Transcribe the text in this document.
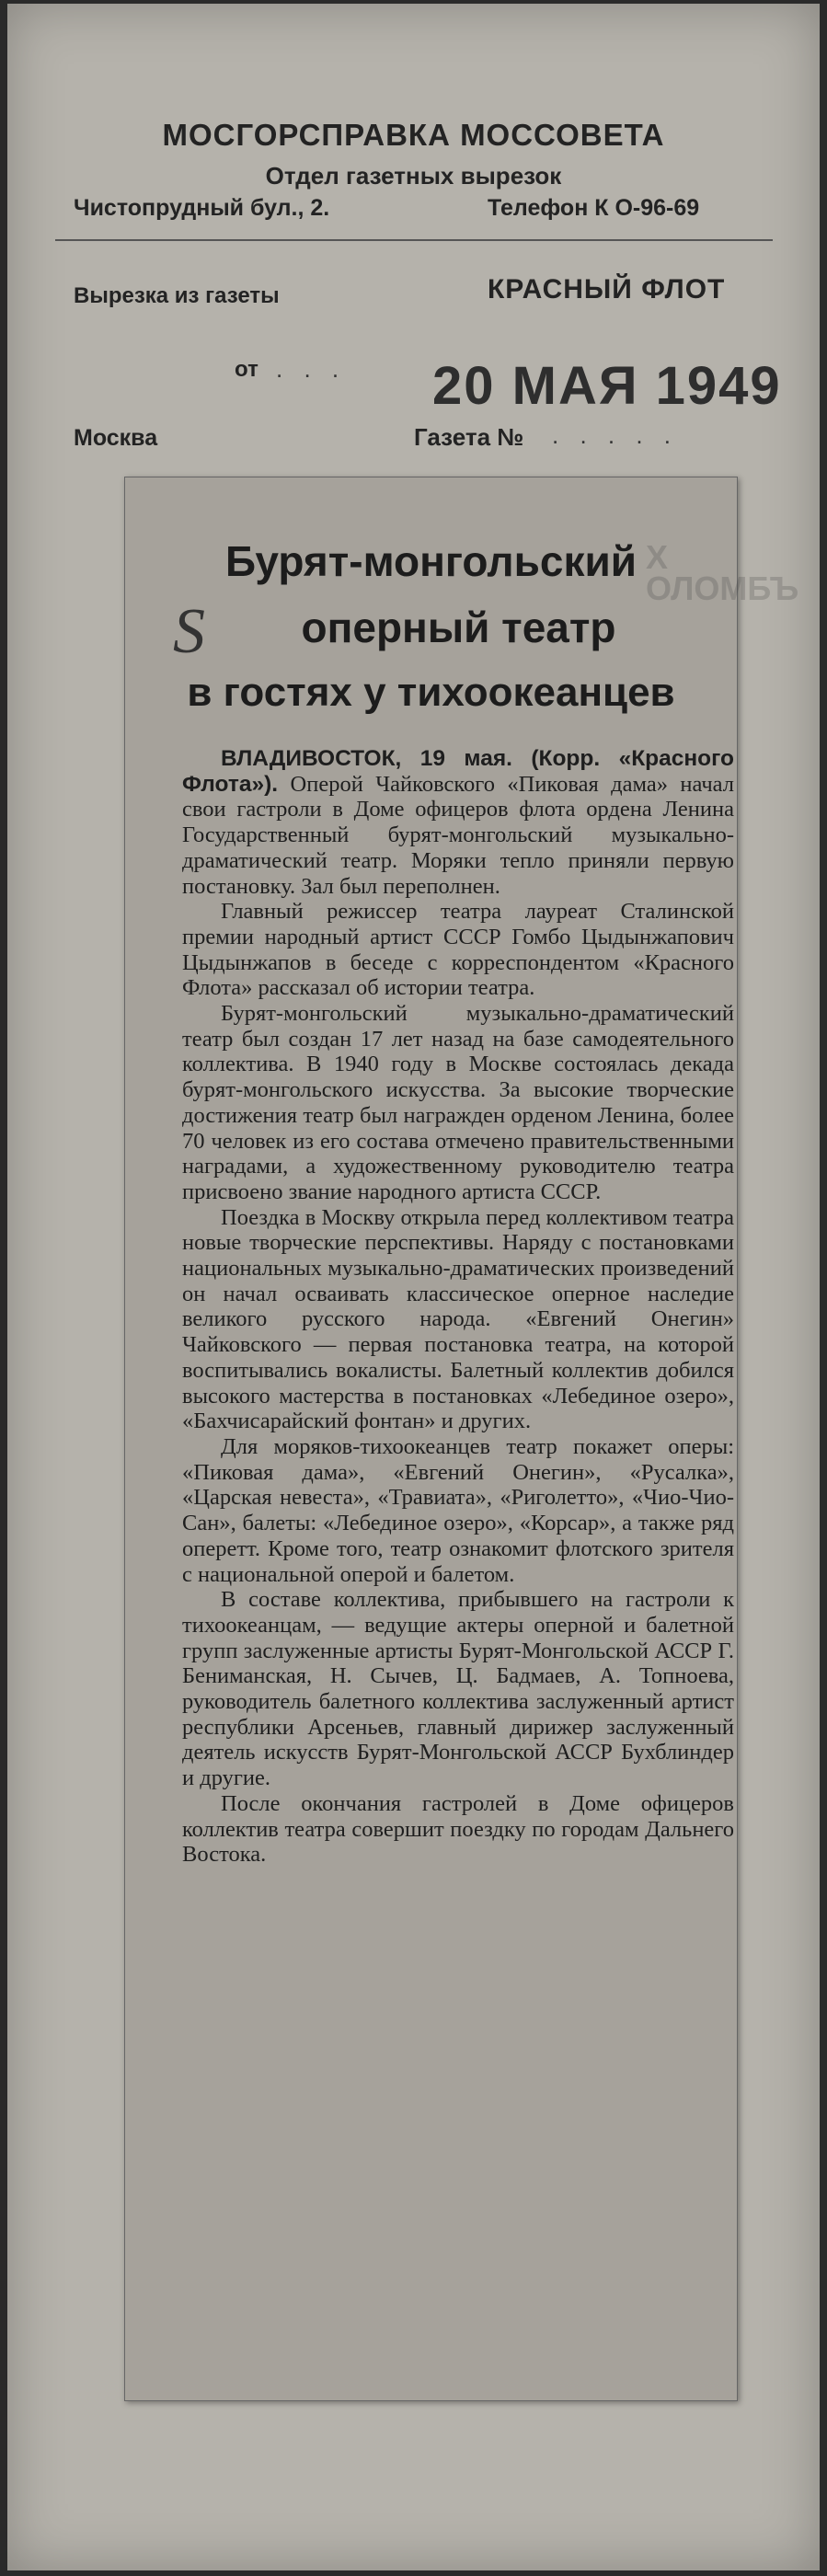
МОСГОРСПРАВКА МОССОВЕТА
Отдел газетных вырезок
Чистопрудный бул., 2.	Телефон К О-96-69
Вырезка из газеты	КРАСНЫЙ ФЛОТ
от . . . 20 МАЯ 1949
Москва	Газета № . . . . .
Х
ОЛОМБЪ
Бурят-монгольский
оперный театр
S
в гостях у тихоокеанцев

ВЛАДИВОСТОК, 19 мая. (Корр. «Красного Флота»). Оперой Чайковского «Пиковая дама» начал свои гастроли в Доме офицеров флота ордена Ленина Государственный бурят-монгольский музыкально-драматический театр. Моряки тепло приняли первую постановку. Зал был переполнен.

Главный режиссер театра лауреат Сталинской премии народный артист СССР Гомбо Цыдынжапович Цыдынжапов в беседе с корреспондентом «Красного Флота» рассказал об истории театра.

Бурят-монгольский музыкально-драматический театр был создан 17 лет назад на базе самодеятельного коллектива. В 1940 году в Москве состоялась декада бурят-монгольского искусства. За высокие творческие достижения театр был награжден орденом Ленина, более 70 человек из его состава отмечено правительственными наградами, а художественному руководителю театра присвоено звание народного артиста СССР.

Поездка в Москву открыла перед коллективом театра новые творческие перспективы. Наряду с постановками национальных музыкально-драматических произведений он начал осваивать классическое оперное наследие великого русского народа. «Евгений Онегин» Чайковского — первая постановка театра, на которой воспитывались вокалисты. Балетный коллектив добился высокого мастерства в постановках «Лебединое озеро», «Бахчисарайский фонтан» и других.

Для моряков-тихоокеанцев театр покажет оперы: «Пиковая дама», «Евгений Онегин», «Русалка», «Царская невеста», «Травиата», «Риголетто», «Чио-Чио-Сан», балеты: «Лебединое озеро», «Корсар», а также ряд оперетт. Кроме того, театр ознакомит флотского зрителя с национальной оперой и балетом.

В составе коллектива, прибывшего на гастроли к тихоокеанцам, — ведущие актеры оперной и балетной групп заслуженные артисты Бурят-Монгольской АССР Г. Бениманская, Н. Сычев, Ц. Бадмаев, А. Топноева, руководитель балетного коллектива заслуженный артист республики Арсеньев, главный дирижер заслуженный деятель искусств Бурят-Монгольской АССР Бухблиндер и другие.

После окончания гастролей в Доме офицеров коллектив театра совершит поездку по городам Дальнего Востока.
